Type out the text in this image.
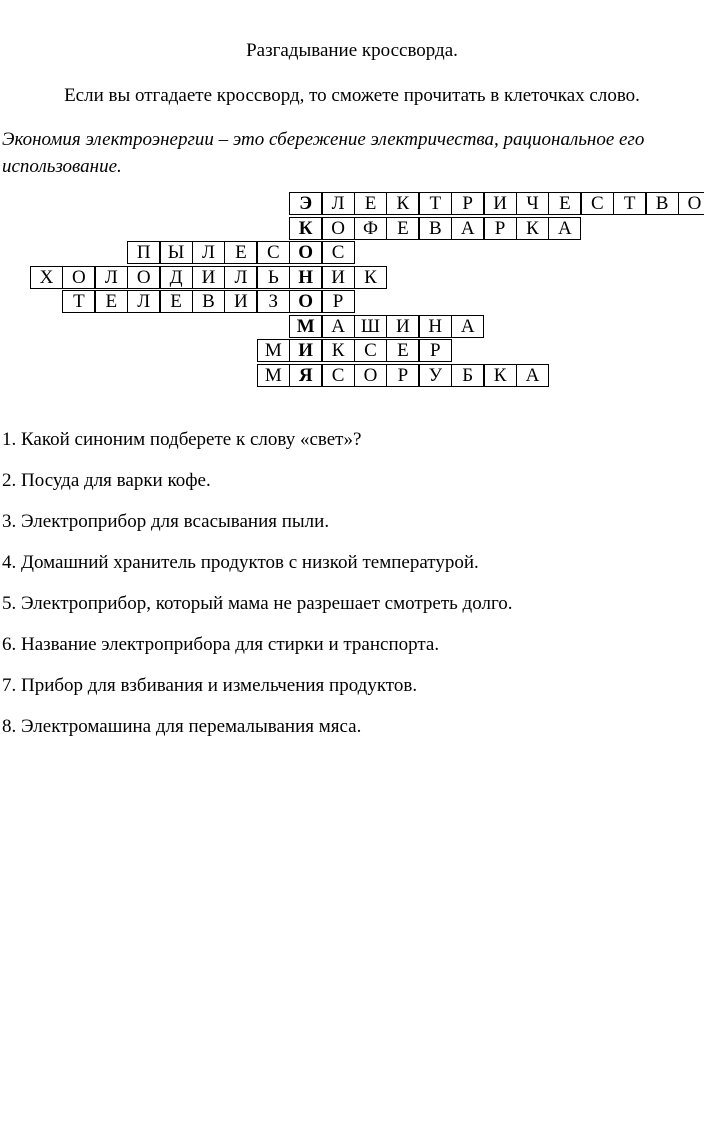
Разгадывание кроссворда.
Если вы отгадаете кроссворд, то сможете прочитать в клеточках слово.
Экономия электроэнергии – это сбережение электричества, рациональное его использование.
Э	Л	Е	К	Т	Р	И	Ч	Е	С	Т	В	О
К О Ф	Е	В	А	Р	К	А
П Ы Л	Е	С О С
Х О	Л	О	Д	И	Л	Ь	Н И	К
Т	Е	Л	Е	В	И	З	О	Р
М А Ш И Н А
М И К	С	Е	Р
М Я	С	О	Р	У	Б	К	А
1. Какой синоним подберете к слову «свет»?
2. Посуда для варки кофе.
3. Электроприбор для всасывания пыли.
4. Домашний хранитель продуктов с низкой температурой.
5. Электроприбор, который мама не разрешает смотреть долго.
6. Название электроприбора для стирки и транспорта.
7. Прибор для взбивания и измельчения продуктов.
8. Электромашина для перемалывания мяса.
